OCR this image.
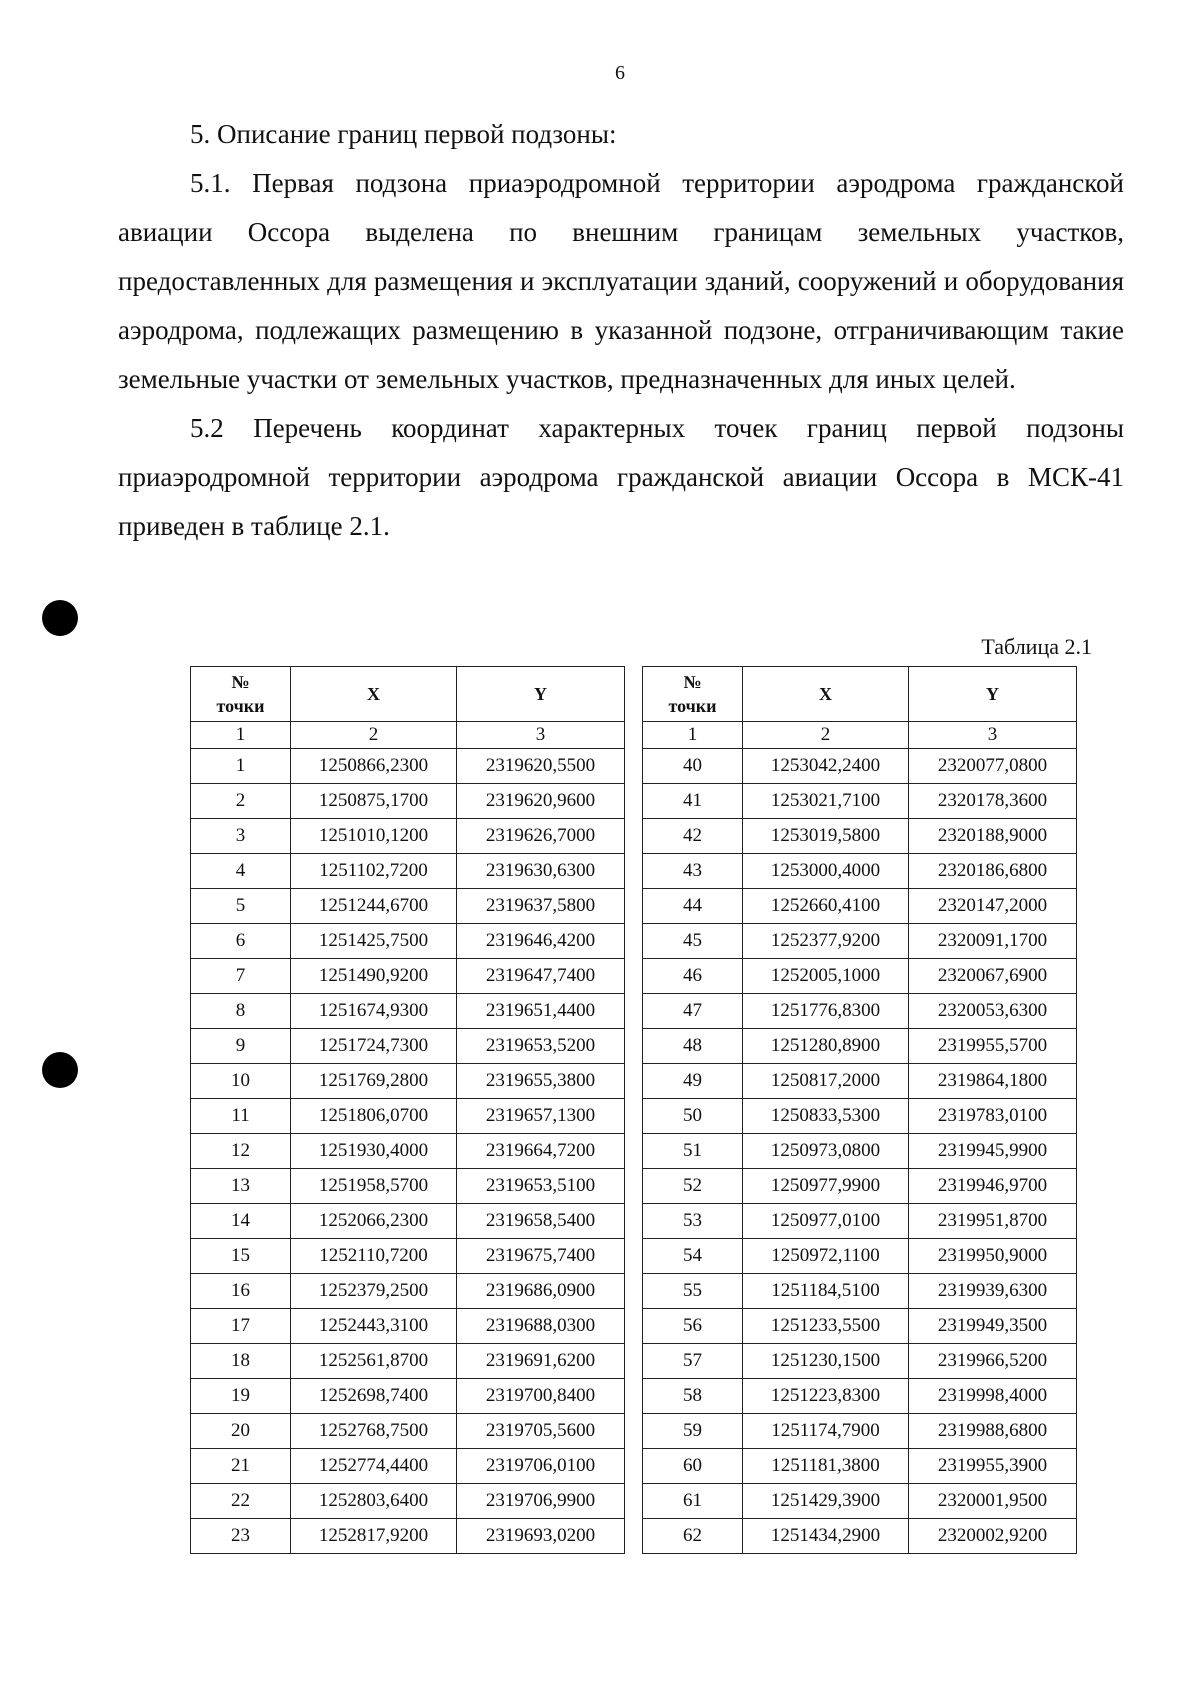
6

5. Описание границ первой подзоны:

5.1. Первая подзона приаэродромной территории аэродрома гражданской авиации Оссора выделена по внешним границам земельных участков, предоставленных для размещения и эксплуатации зданий, сооружений и оборудования аэродрома, подлежащих размещению в указанной подзоне, отграничивающим такие земельные участки от земельных участков, предназначенных для иных целей.

5.2 Перечень координат характерных точек границ первой подзоны приаэродромной территории аэродрома гражданской авиации Оссора в МСК-41 приведен в таблице 2.1.

Таблица 2.1
№
точки	X	Y
1	2	3
1	1250866,2300	2319620,5500
2	1250875,1700	2319620,9600
3	1251010,1200	2319626,7000
4	1251102,7200	2319630,6300
5	1251244,6700	2319637,5800
6	1251425,7500	2319646,4200
7	1251490,9200	2319647,7400
8	1251674,9300	2319651,4400
9	1251724,7300	2319653,5200
10	1251769,2800	2319655,3800
11	1251806,0700	2319657,1300
12	1251930,4000	2319664,7200
13	1251958,5700	2319653,5100
14	1252066,2300	2319658,5400
15	1252110,7200	2319675,7400
16	1252379,2500	2319686,0900
17	1252443,3100	2319688,0300
18	1252561,8700	2319691,6200
19	1252698,7400	2319700,8400
20	1252768,7500	2319705,5600
21	1252774,4400	2319706,0100
22	1252803,6400	2319706,9900
23	1252817,9200	2319693,0200
№
точки	X	Y
1	2	3
40	1253042,2400	2320077,0800
41	1253021,7100	2320178,3600
42	1253019,5800	2320188,9000
43	1253000,4000	2320186,6800
44	1252660,4100	2320147,2000
45	1252377,9200	2320091,1700
46	1252005,1000	2320067,6900
47	1251776,8300	2320053,6300
48	1251280,8900	2319955,5700
49	1250817,2000	2319864,1800
50	1250833,5300	2319783,0100
51	1250973,0800	2319945,9900
52	1250977,9900	2319946,9700
53	1250977,0100	2319951,8700
54	1250972,1100	2319950,9000
55	1251184,5100	2319939,6300
56	1251233,5500	2319949,3500
57	1251230,1500	2319966,5200
58	1251223,8300	2319998,4000
59	1251174,7900	2319988,6800
60	1251181,3800	2319955,3900
61	1251429,3900	2320001,9500
62	1251434,2900	2320002,9200
